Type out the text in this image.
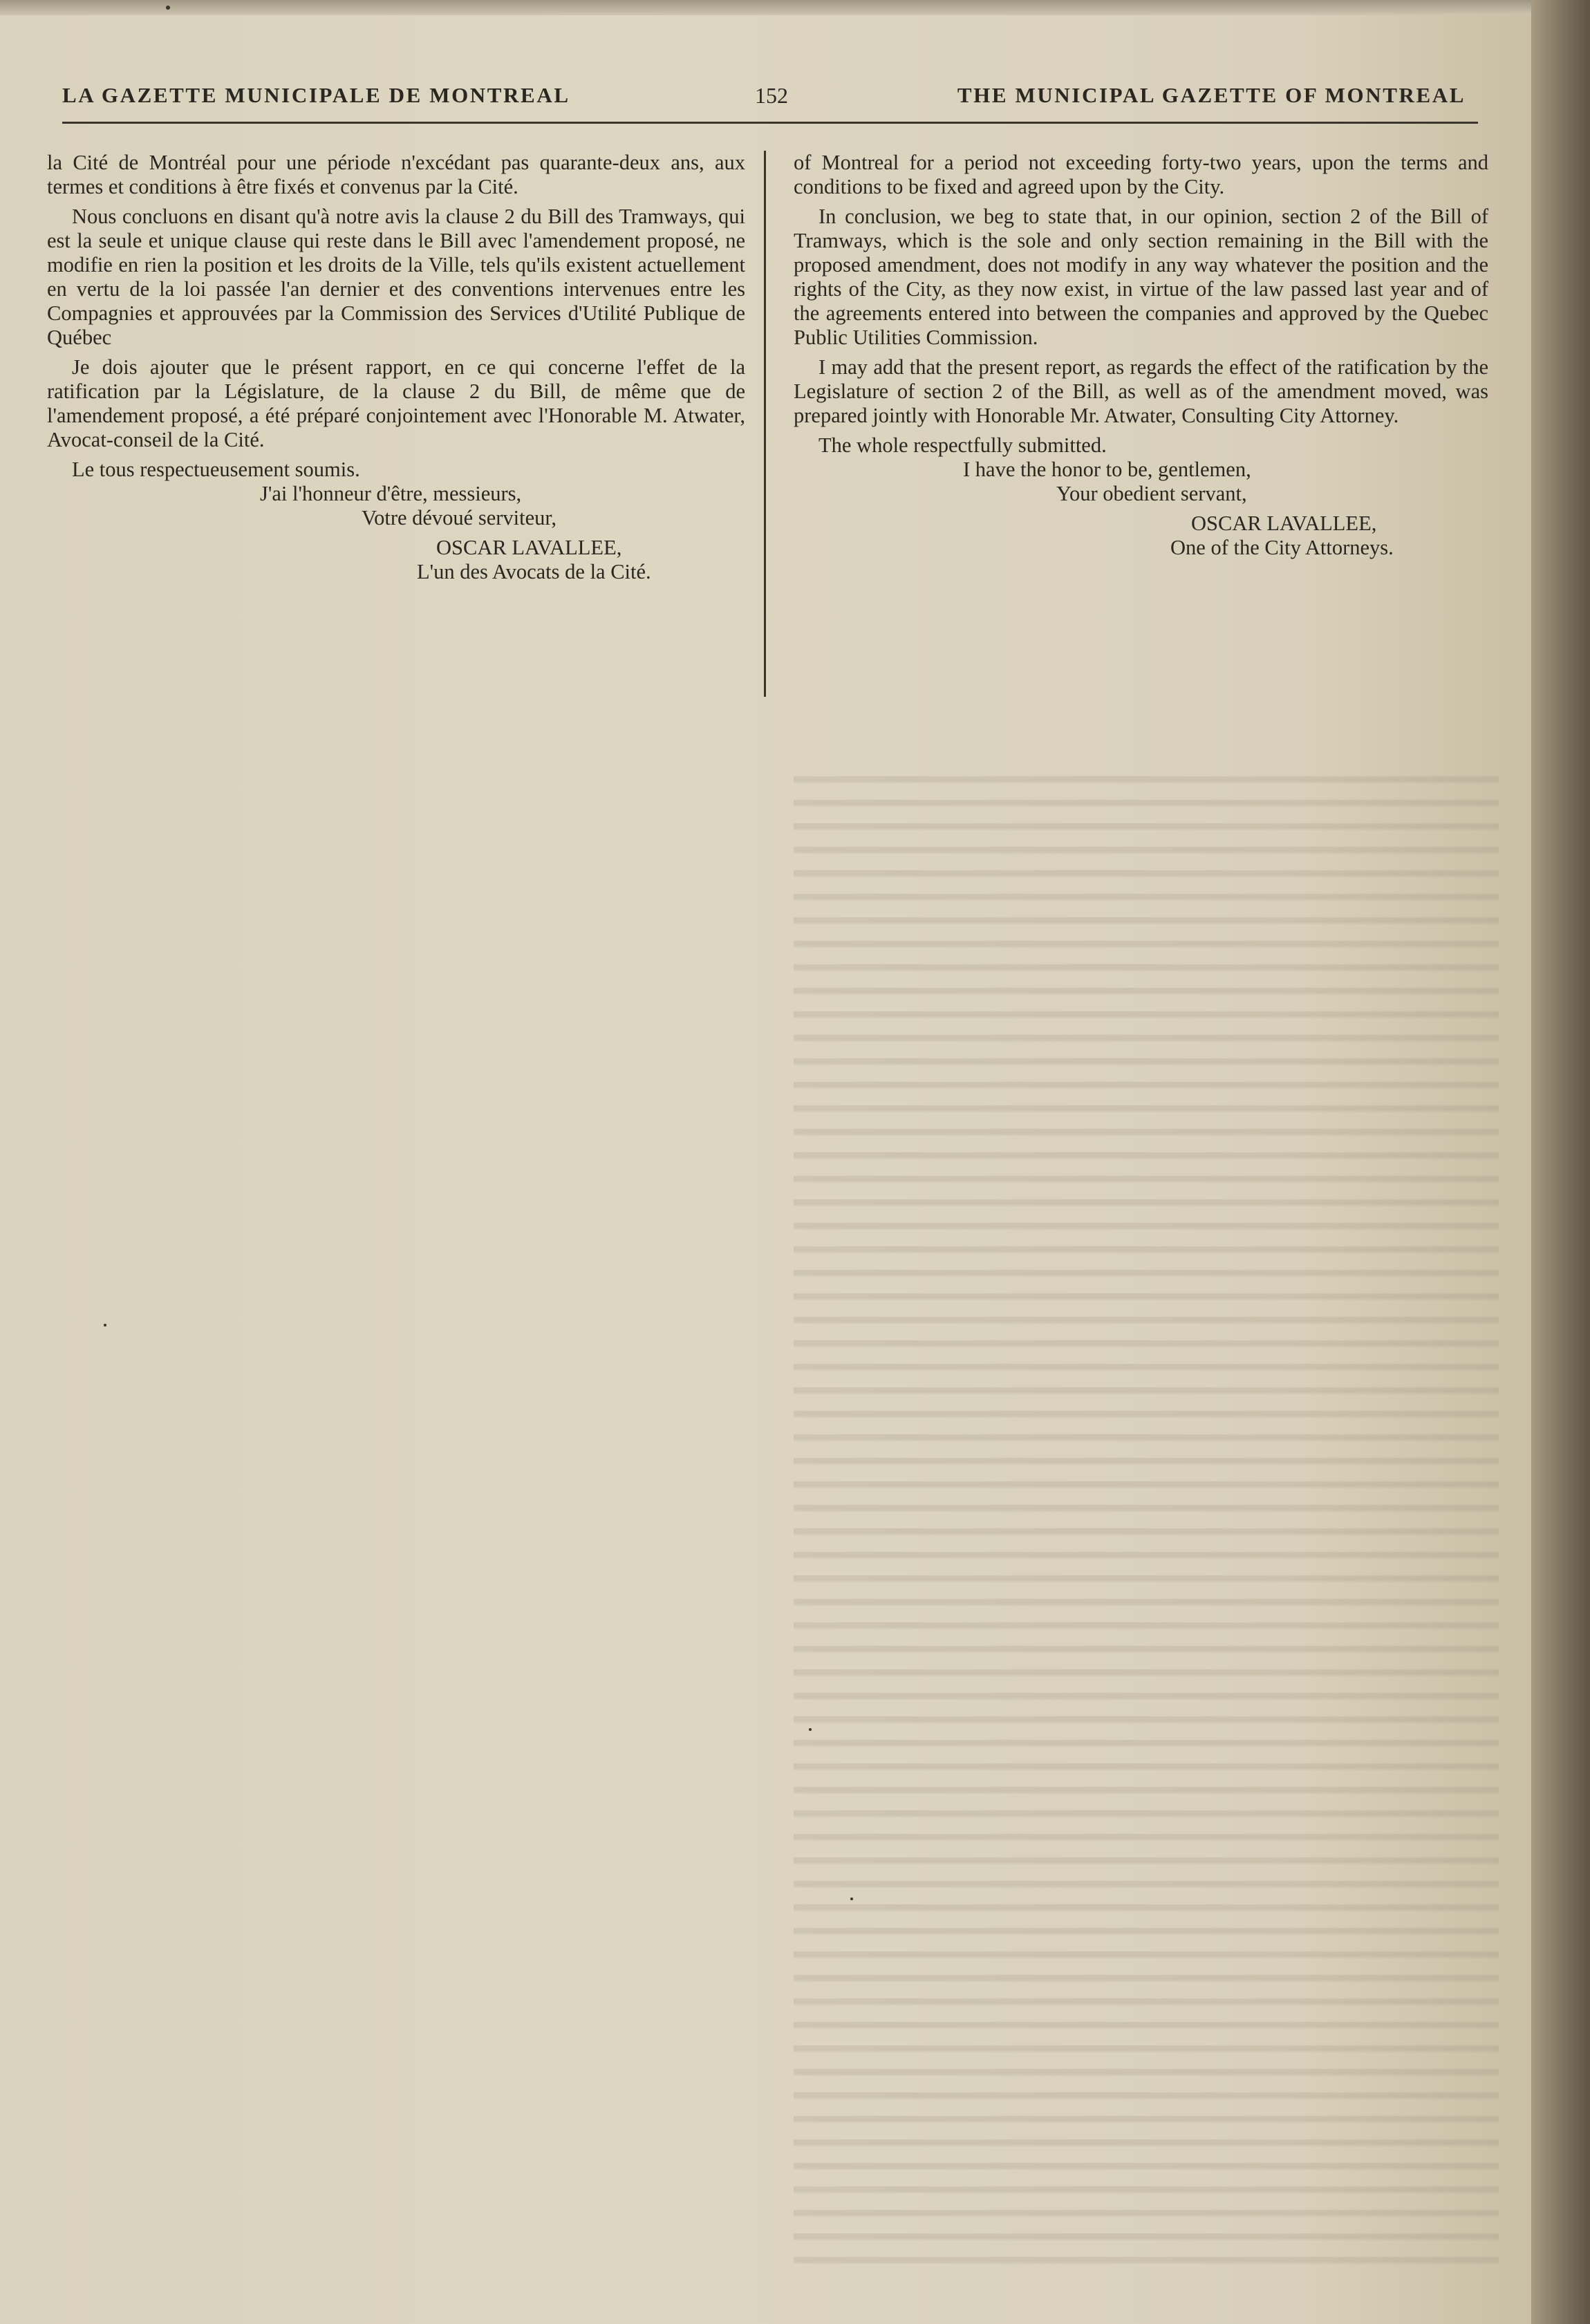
LA GAZETTE MUNICIPALE DE MONTREAL	152	THE MUNICIPAL GAZETTE OF MONTREAL

la Cité de Montréal pour une période n'excédant pas quarante-deux ans, aux termes et conditions à être fixés et convenus par la Cité.

Nous concluons en disant qu'à notre avis la clause 2 du Bill des Tramways, qui est la seule et unique clause qui reste dans le Bill avec l'amendement proposé, ne modifie en rien la position et les droits de la Ville, tels qu'ils existent actuellement en vertu de la loi passée l'an dernier et des conventions intervenues entre les Compagnies et approuvées par la Commission des Services d'Utilité Publique de Québec

Je dois ajouter que le présent rapport, en ce qui concerne l'effet de la ratification par la Législature, de la clause 2 du Bill, de même que de l'amendement proposé, a été préparé conjointement avec l'Honorable M. Atwater, Avocat-conseil de la Cité.

Le tous respectueusement soumis.

J'ai l'honneur d'être, messieurs,
Votre dévoué serviteur,
OSCAR LAVALLEE,
L'un des Avocats de la Cité.

of Montreal for a period not exceeding forty-two years, upon the terms and conditions to be fixed and agreed upon by the City.

In conclusion, we beg to state that, in our opinion, section 2 of the Bill of Tramways, which is the sole and only section remaining in the Bill with the proposed amendment, does not modify in any way whatever the position and the rights of the City, as they now exist, in virtue of the law passed last year and of the agreements entered into between the companies and approved by the Quebec Public Utilities Commission.

I may add that the present report, as regards the effect of the ratification by the Legislature of section 2 of the Bill, as well as of the amendment moved, was prepared jointly with Honorable Mr. Atwater, Consulting City Attorney.

The whole respectfully submitted.

I have the honor to be, gentlemen,
Your obedient servant,
OSCAR LAVALLEE,
One of the City Attorneys.
